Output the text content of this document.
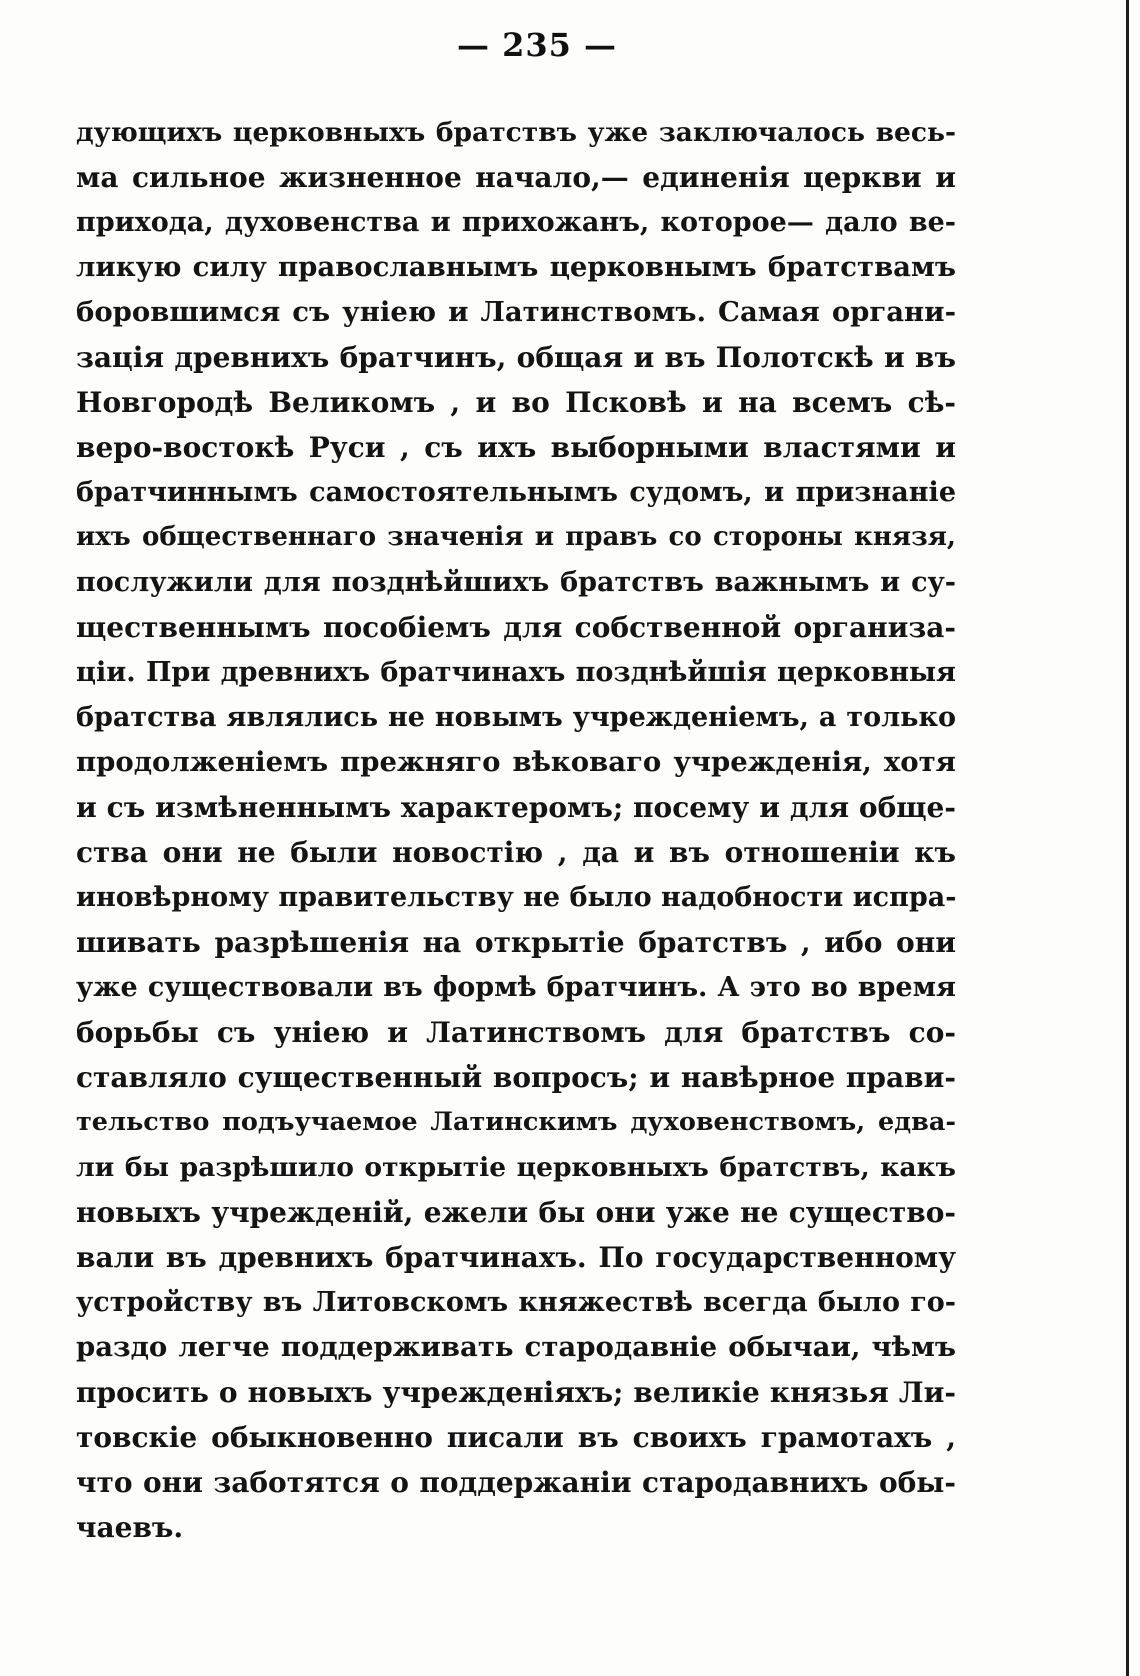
— 235 —
дующихъ церковныхъ братствъ уже заключалось весь-
ма сильное жизненное начало,— единенія церкви и
прихода, духовенства и прихожанъ, которое— дало ве-
ликую силу православнымъ церковнымъ братствамъ
боровшимся съ уніею и Латинствомъ. Самая органи-
зація древнихъ братчинъ, общая и въ Полотскѣ и въ
Новгородѣ Великомъ , и во Псковѣ и на всемъ сѣ-
веро-востокѣ Руси , съ ихъ выборными властями и
братчиннымъ самостоятельнымъ судомъ, и признаніе
ихъ общественнаго значенія и правъ со стороны князя,
послужили для позднѣйшихъ братствъ важнымъ и су-
щественнымъ пособіемъ для собственной организа-
ціи. При древнихъ братчинахъ позднѣйшія церковныя
братства являлись не новымъ учрежденіемъ, а только
продолженіемъ прежняго вѣковаго учрежденія, хотя
и съ измѣненнымъ характеромъ; посему и для обще-
ства они не были новостію , да и въ отношеніи къ
иновѣрному правительству не было надобности испра-
шивать разрѣшенія на открытіе братствъ , ибо они
уже существовали въ формѣ братчинъ. А это во время
борьбы съ уніею и Латинствомъ для братствъ со-
ставляло существенный вопросъ; и навѣрное прави-
тельство подъучаемое Латинскимъ духовенствомъ, едва-
ли бы разрѣшило открытіе церковныхъ братствъ, какъ
новыхъ учрежденій, ежели бы они уже не существо-
вали въ древнихъ братчинахъ. По государственному
устройству въ Литовскомъ княжествѣ всегда было го-
раздо легче поддерживать стародавніе обычаи, чѣмъ
просить о новыхъ учрежденіяхъ; великіе князья Ли-
товскіе обыкновенно писали въ своихъ грамотахъ ,
что они заботятся о поддержаніи стародавнихъ обы-
чаевъ.
